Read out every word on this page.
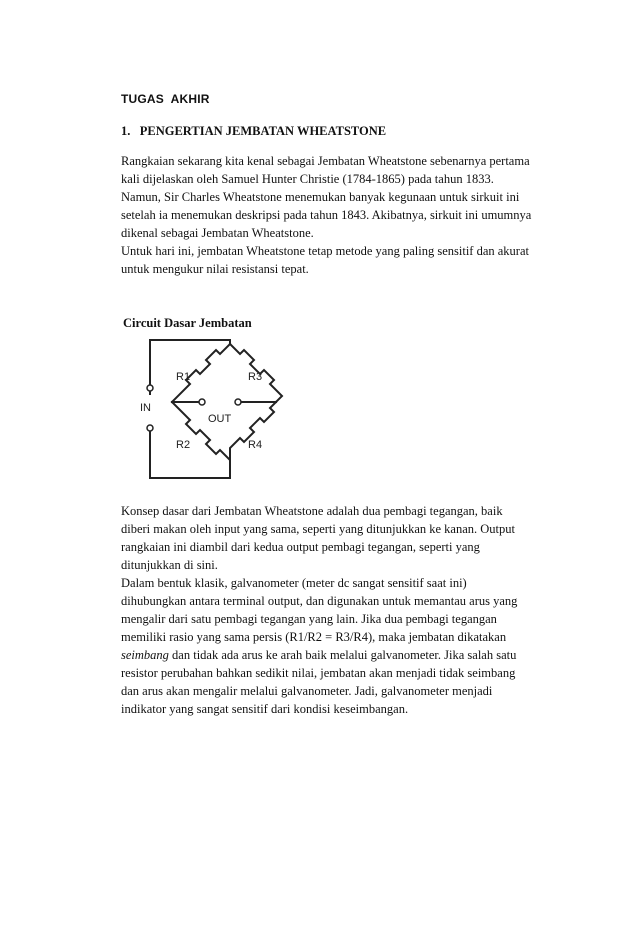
TUGAS  AKHIR
1.   PENGERTIAN JEMBATAN WHEATSTONE
Rangkaian sekarang kita kenal sebagai Jembatan Wheatstone sebenarnya pertama
kali dijelaskan oleh Samuel Hunter Christie (1784-1865) pada tahun 1833.
Namun, Sir Charles Wheatstone menemukan banyak kegunaan untuk sirkuit ini
setelah ia menemukan deskripsi pada tahun 1843. Akibatnya, sirkuit ini umumnya
dikenal sebagai Jembatan Wheatstone.
Untuk hari ini, jembatan Wheatstone tetap metode yang paling sensitif dan akurat
untuk mengukur nilai resistansi tepat.
Circuit Dasar Jembatan
IN
OUT
R1	R3
R2	R4
Konsep dasar dari Jembatan Wheatstone adalah dua pembagi tegangan, baik
diberi makan oleh input yang sama, seperti yang ditunjukkan ke kanan. Output
rangkaian ini diambil dari kedua output pembagi tegangan, seperti yang
ditunjukkan di sini.
Dalam bentuk klasik, galvanometer (meter dc sangat sensitif saat ini)
dihubungkan antara terminal output, dan digunakan untuk memantau arus yang
mengalir dari satu pembagi tegangan yang lain. Jika dua pembagi tegangan
memiliki rasio yang sama persis (R1/R2 = R3/R4), maka jembatan dikatakan
seimbang dan tidak ada arus ke arah baik melalui galvanometer. Jika salah satu
resistor perubahan bahkan sedikit nilai, jembatan akan menjadi tidak seimbang
dan arus akan mengalir melalui galvanometer. Jadi, galvanometer menjadi
indikator yang sangat sensitif dari kondisi keseimbangan.
